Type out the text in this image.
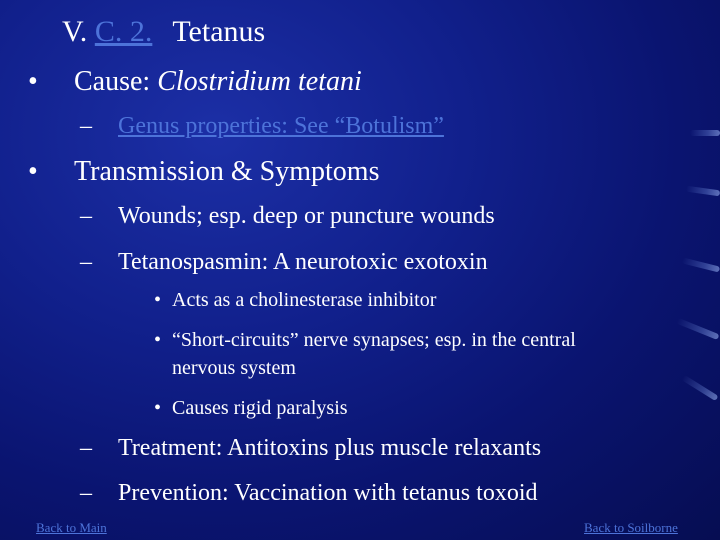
V. C. 2. Tetanus
• Cause: Clostridium tetani
– Genus properties: See “Botulism”
• Transmission & Symptoms
– Wounds; esp. deep or puncture wounds
– Tetanospasmin: A neurotoxic exotoxin
• Acts as a cholinesterase inhibitor
• “Short-circuits” nerve synapses; esp. in the central
nervous system
• Causes rigid paralysis
– Treatment: Antitoxins plus muscle relaxants
– Prevention: Vaccination with tetanus toxoid
Back to Main	Back to Soilborne
